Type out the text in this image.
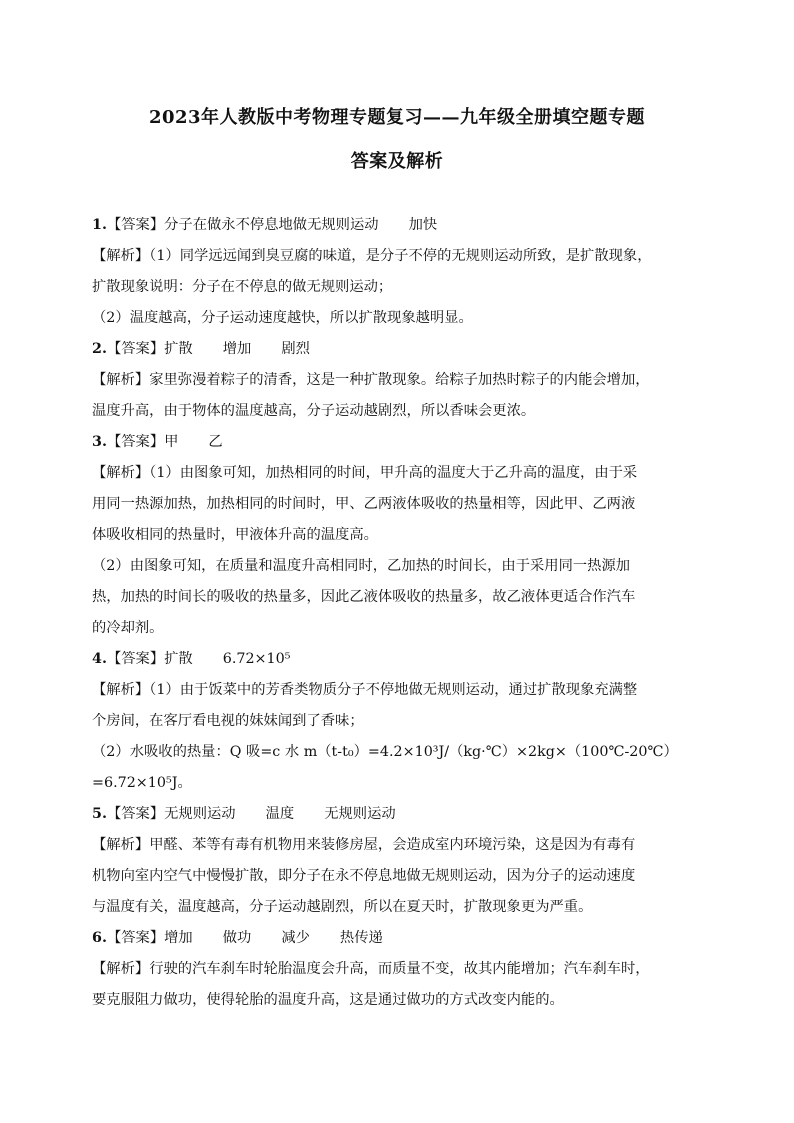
2023年人教版中考物理专题复习——九年级全册填空题专题
答案及解析
1.【答案】分子在做永不停息地做无规则运动 加快
【解析】（1）同学远远闻到臭豆腐的味道，是分子不停的无规则运动所致，是扩散现象，
扩散现象说明：分子在不停息的做无规则运动；
（2）温度越高，分子运动速度越快，所以扩散现象越明显。
2.【答案】扩散 增加 剧烈
【解析】家里弥漫着粽子的清香，这是一种扩散现象。给粽子加热时粽子的内能会增加，
温度升高，由于物体的温度越高，分子运动越剧烈，所以香味会更浓。
3.【答案】甲 乙
【解析】（1）由图象可知，加热相同的时间，甲升高的温度大于乙升高的温度，由于采
用同一热源加热，加热相同的时间时，甲、乙两液体吸收的热量相等，因此甲、乙两液
体吸收相同的热量时，甲液体升高的温度高。
（2）由图象可知，在质量和温度升高相同时，乙加热的时间长，由于采用同一热源加
热，加热的时间长的吸收的热量多，因此乙液体吸收的热量多，故乙液体更适合作汽车
的冷却剂。
4.【答案】扩散 6.72×10⁵
【解析】（1）由于饭菜中的芳香类物质分子不停地做无规则运动，通过扩散现象充满整
个房间，在客厅看电视的妹妹闻到了香味；
（2）水吸收的热量：Q 吸=c 水 m（t-t₀）=4.2×10³J/（kg·℃）×2kg×（100℃-20℃）
=6.72×10⁵J。
5.【答案】无规则运动 温度 无规则运动
【解析】甲醛、苯等有毒有机物用来装修房屋，会造成室内环境污染，这是因为有毒有
机物向室内空气中慢慢扩散，即分子在永不停息地做无规则运动，因为分子的运动速度
与温度有关，温度越高，分子运动越剧烈，所以在夏天时，扩散现象更为严重。
6.【答案】增加 做功 减少 热传递
【解析】行驶的汽车刹车时轮胎温度会升高，而质量不变，故其内能增加；汽车刹车时，
要克服阻力做功，使得轮胎的温度升高，这是通过做功的方式改变内能的。
